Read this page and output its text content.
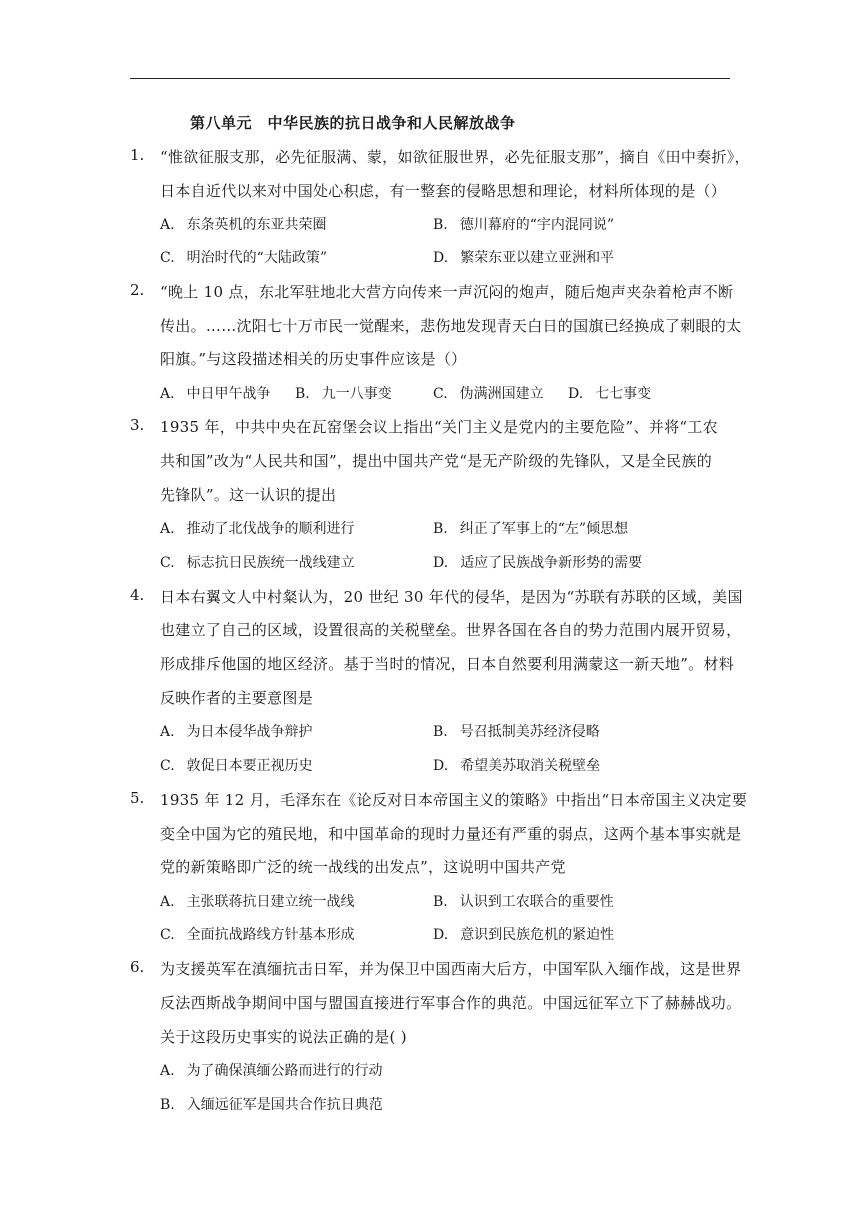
第八单元　中华民族的抗日战争和人民解放战争
1. “惟欲征服支那，必先征服满、蒙，如欲征服世界，必先征服支那”，摘自《田中奏折》，
日本自近代以来对中国处心积虑，有一整套的侵略思想和理论，材料所体现的是（）
A. 东条英机的东亚共荣圈	B. 德川幕府的“宇内混同说”
C. 明治时代的“大陆政策”	D. 繁荣东亚以建立亚洲和平
2. “晚上 10 点，东北军驻地北大营方向传来一声沉闷的炮声，随后炮声夹杂着枪声不断
传出。……沈阳七十万市民一觉醒来，悲伤地发现青天白日的国旗已经换成了刺眼的太
阳旗。”与这段描述相关的历史事件应该是（）
A. 中日甲午战争 B. 九一八事变	C. 伪满洲国建立 D. 七七事变
3. 1935 年，中共中央在瓦窑堡会议上指出“关门主义是党内的主要危险”、并将“工农
共和国”改为“人民共和国”，提出中国共产党“是无产阶级的先锋队，又是全民族的
先锋队”。这一认识的提出
A. 推动了北伐战争的顺利进行	B. 纠正了军事上的“左”倾思想
C. 标志抗日民族统一战线建立	D. 适应了民族战争新形势的需要
4. 日本右翼文人中村粲认为，20 世纪 30 年代的侵华，是因为“苏联有苏联的区域，美国
也建立了自己的区域，设置很高的关税壁垒。世界各国在各自的势力范围内展开贸易，
形成排斥他国的地区经济。基于当时的情况，日本自然要利用满蒙这一新天地”。材料
反映作者的主要意图是
A. 为日本侵华战争辩护	B. 号召抵制美苏经济侵略
C. 敦促日本要正视历史	D. 希望美苏取消关税壁垒
5. 1935 年 12 月，毛泽东在《论反对日本帝国主义的策略》中指出“日本帝国主义决定要
变全中国为它的殖民地，和中国革命的现时力量还有严重的弱点，这两个基本事实就是
党的新策略即广泛的统一战线的出发点”，这说明中国共产党
A. 主张联蒋抗日建立统一战线	B. 认识到工农联合的重要性
C. 全面抗战路线方针基本形成	D. 意识到民族危机的紧迫性
6. 为支援英军在滇缅抗击日军，并为保卫中国西南大后方，中国军队入缅作战，这是世界
反法西斯战争期间中国与盟国直接进行军事合作的典范。中国远征军立下了赫赫战功。
关于这段历史事实的说法正确的是( )
A. 为了确保滇缅公路而进行的行动
B. 入缅远征军是国共合作抗日典范
